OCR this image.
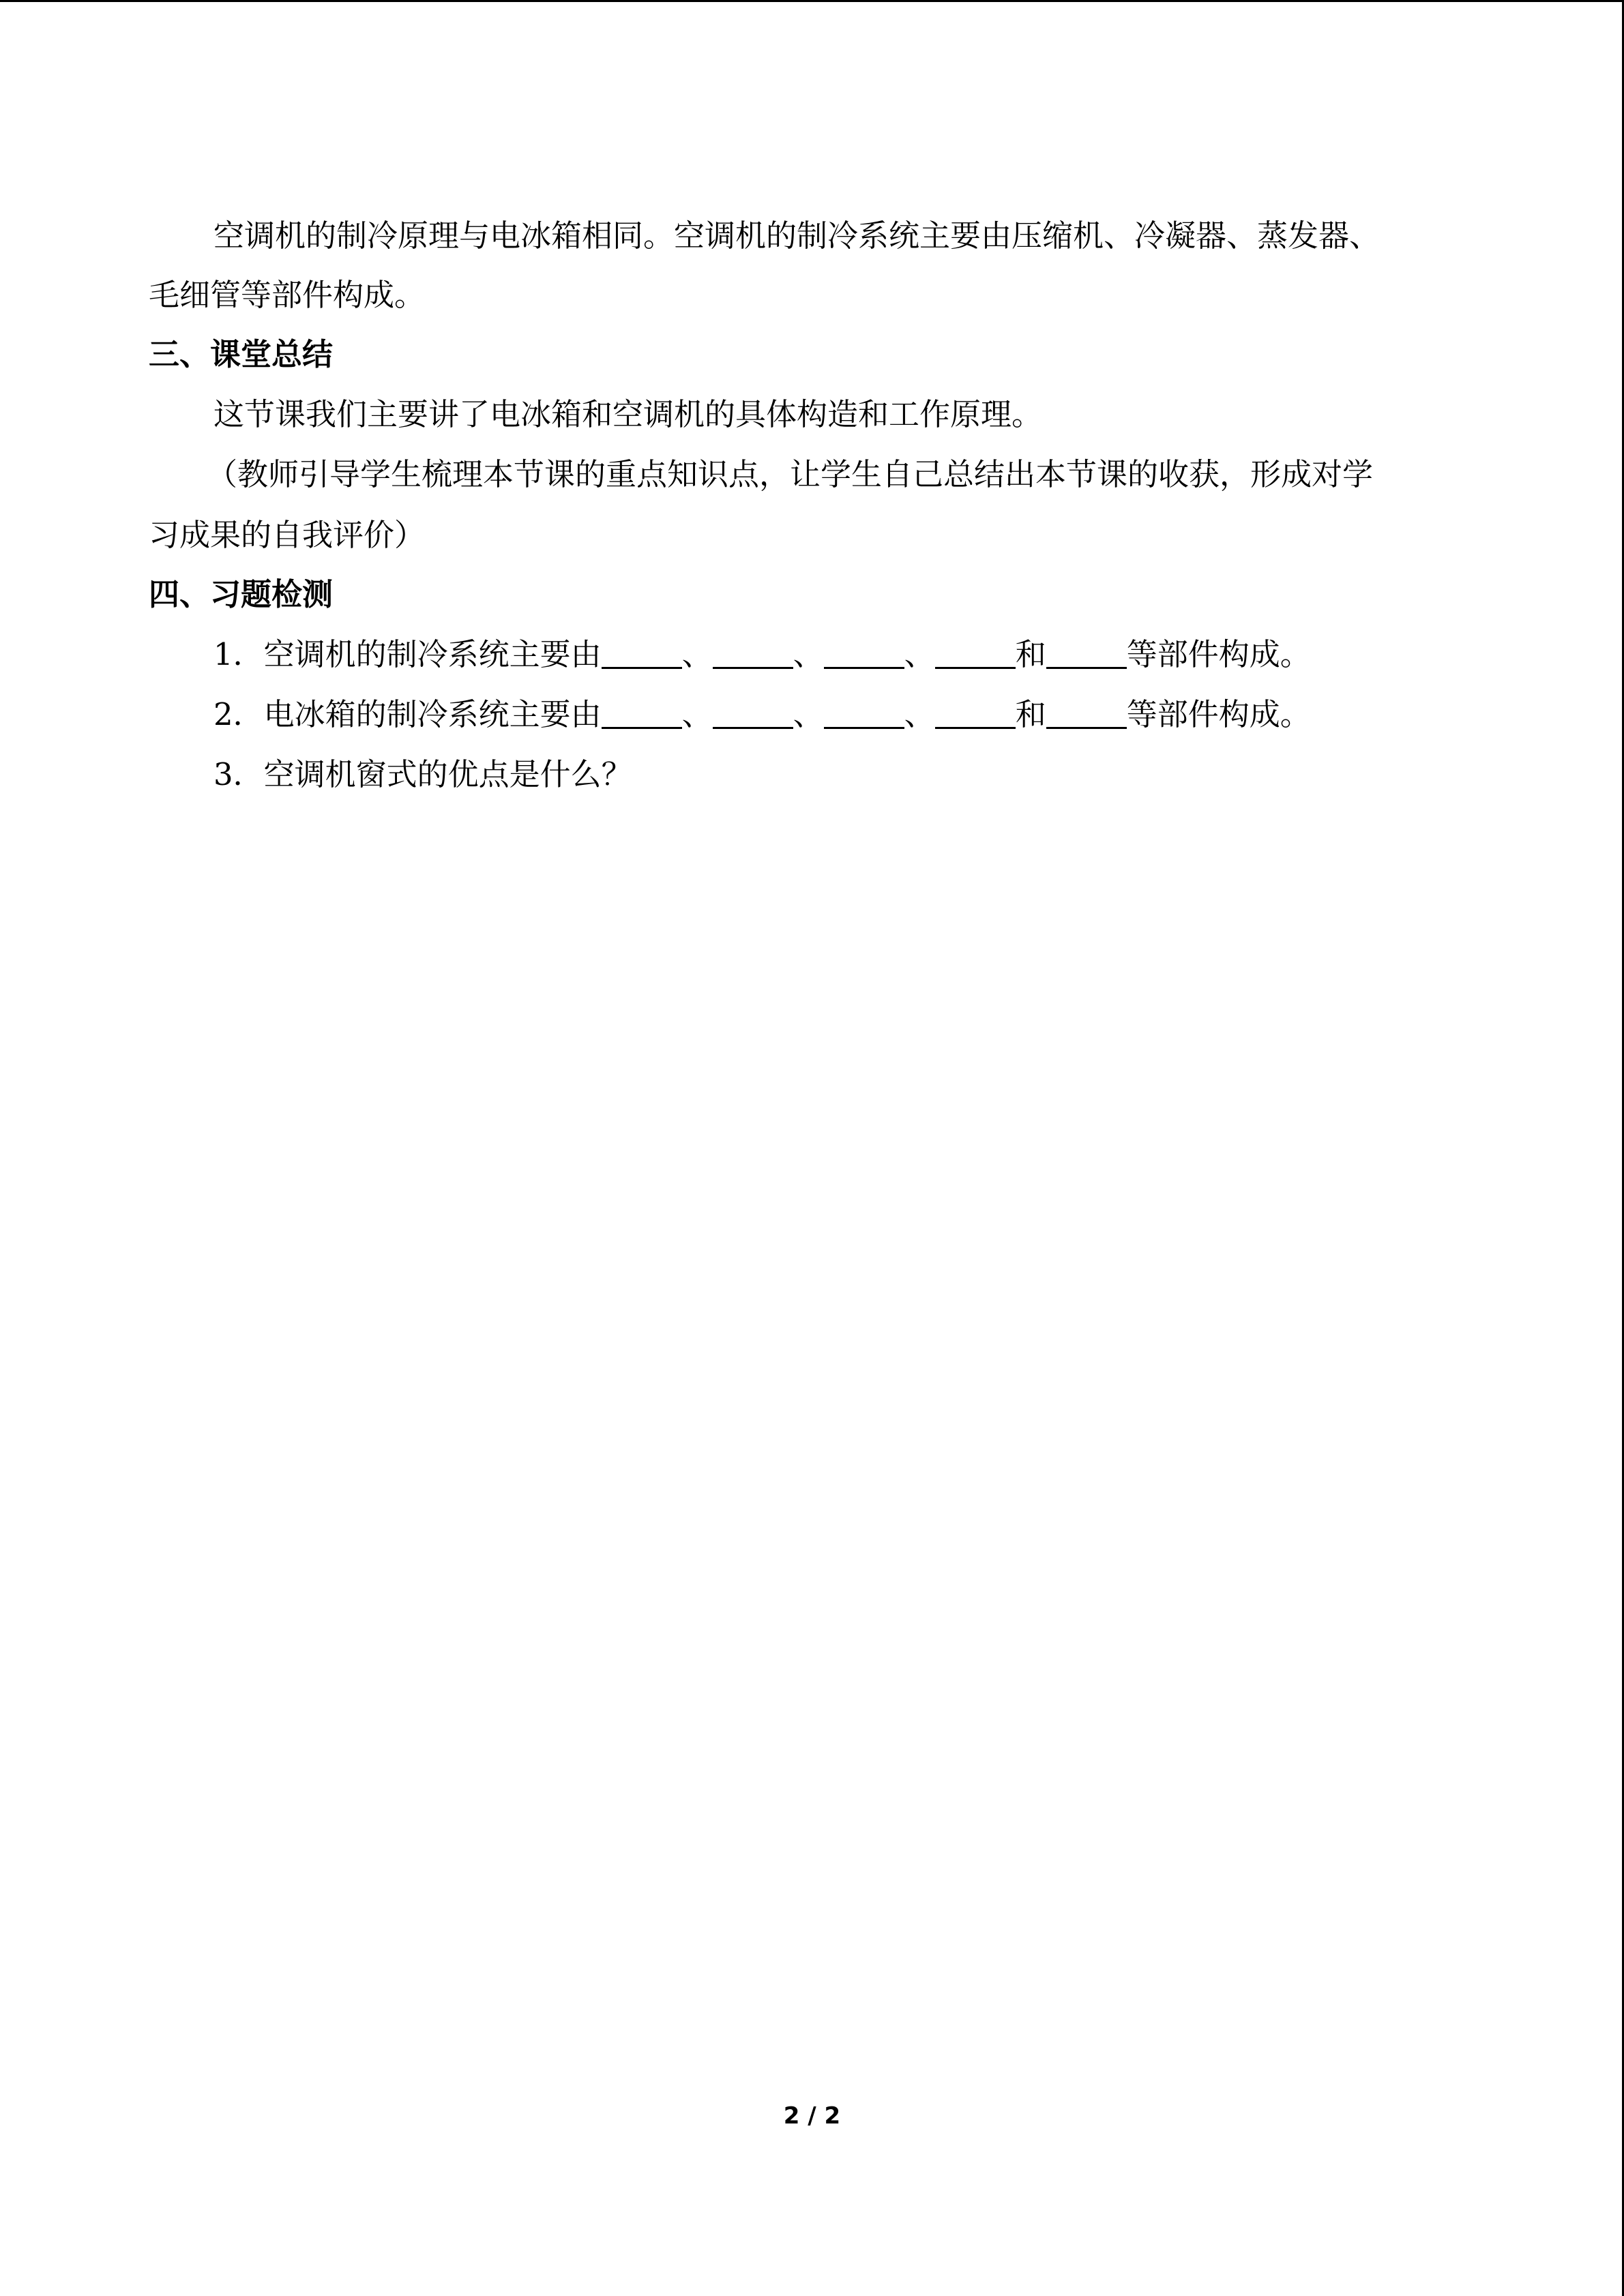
空调机的制冷原理与电冰箱相同。空调机的制冷系统主要由压缩机、冷凝器、蒸发器、
毛细管等部件构成。
三、课堂总结
这节课我们主要讲了电冰箱和空调机的具体构造和工作原理。
（教师引导学生梳理本节课的重点知识点，让学生自己总结出本节课的收获，形成对学
习成果的自我评价）
四、习题检测
1．空调机的制冷系统主要由	、	、	、	和	等部件构成。
2．电冰箱的制冷系统主要由	、	、	、	和	等部件构成。
3．空调机窗式的优点是什么？
2 / 2
